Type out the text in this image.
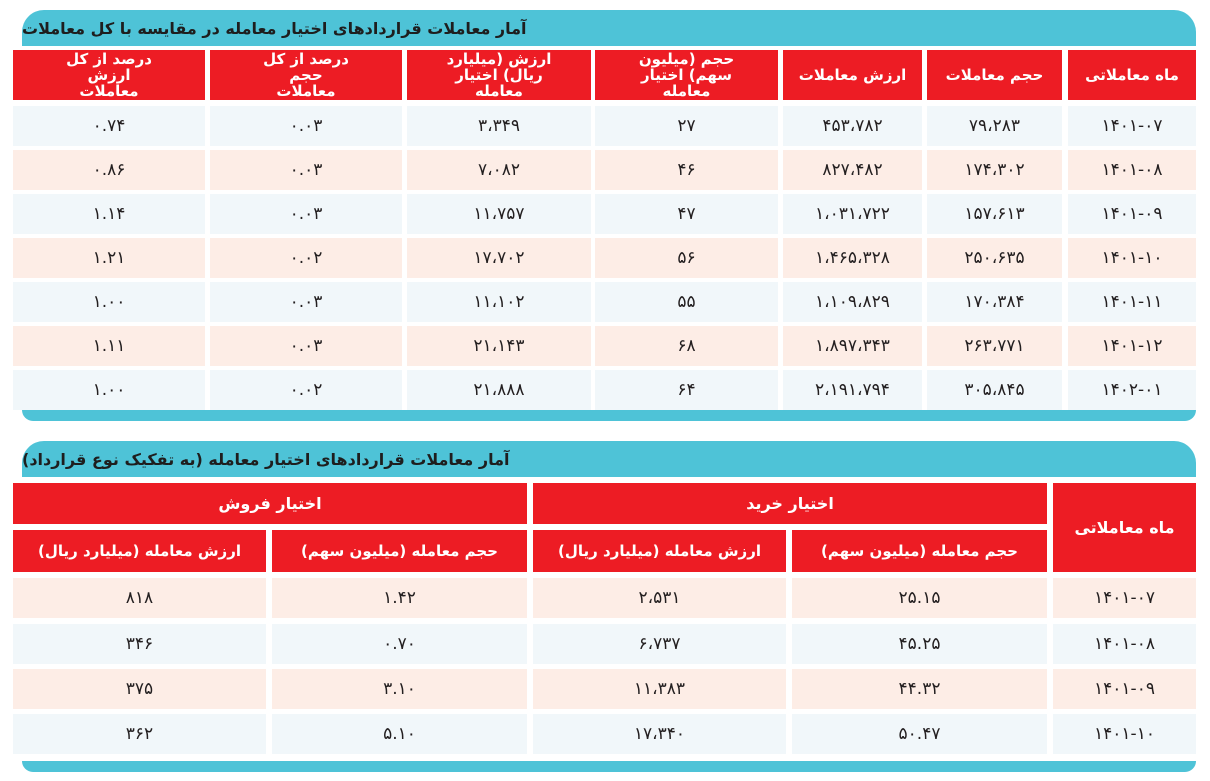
آمار معاملات قراردادهای اختیار معامله در مقایسه با کل معاملات
ماه معاملاتی
حجم معاملات
ارزش معاملات
حجم (میلیون سهم) اختیار معامله
ارزش (میلیارد ریال) اختیار معامله
درصد از کل حجم معاملات
درصد از کل ارزش معاملات
۱۴۰۱-۰۷
۷۹،۲۸۳
۴۵۳،۷۸۲
۲۷
۳،۳۴۹
۰.۰۳
۰.۷۴
۱۴۰۱-۰۸
۱۷۴،۳۰۲
۸۲۷،۴۸۲
۴۶
۷،۰۸۲
۰.۰۳
۰.۸۶
۱۴۰۱-۰۹
۱۵۷،۶۱۳
۱،۰۳۱،۷۲۲
۴۷
۱۱،۷۵۷
۰.۰۳
۱.۱۴
۱۴۰۱-۱۰
۲۵۰،۶۳۵
۱،۴۶۵،۳۲۸
۵۶
۱۷،۷۰۲
۰.۰۲
۱.۲۱
۱۴۰۱-۱۱
۱۷۰،۳۸۴
۱،۱۰۹،۸۲۹
۵۵
۱۱،۱۰۲
۰.۰۳
۱.۰۰
۱۴۰۱-۱۲
۲۶۳،۷۷۱
۱،۸۹۷،۳۴۳
۶۸
۲۱،۱۴۳
۰.۰۳
۱.۱۱
۱۴۰۲-۰۱
۳۰۵،۸۴۵
۲،۱۹۱،۷۹۴
۶۴
۲۱،۸۸۸
۰.۰۲
۱.۰۰
آمار معاملات قراردادهای اختیار معامله (به تفکیک نوع قرارداد)
ماه معاملاتی
اختیار خرید
اختیار فروش
حجم معامله (میلیون سهم)
ارزش معامله (میلیارد ریال)
حجم معامله (میلیون سهم)
ارزش معامله (میلیارد ریال)
۱۴۰۱-۰۷
۲۵.۱۵
۲،۵۳۱
۱.۴۲
۸۱۸
۱۴۰۱-۰۸
۴۵.۲۵
۶،۷۳۷
۰.۷۰
۳۴۶
۱۴۰۱-۰۹
۴۴.۳۲
۱۱،۳۸۳
۳.۱۰
۳۷۵
۱۴۰۱-۱۰
۵۰.۴۷
۱۷،۳۴۰
۵.۱۰
۳۶۲
